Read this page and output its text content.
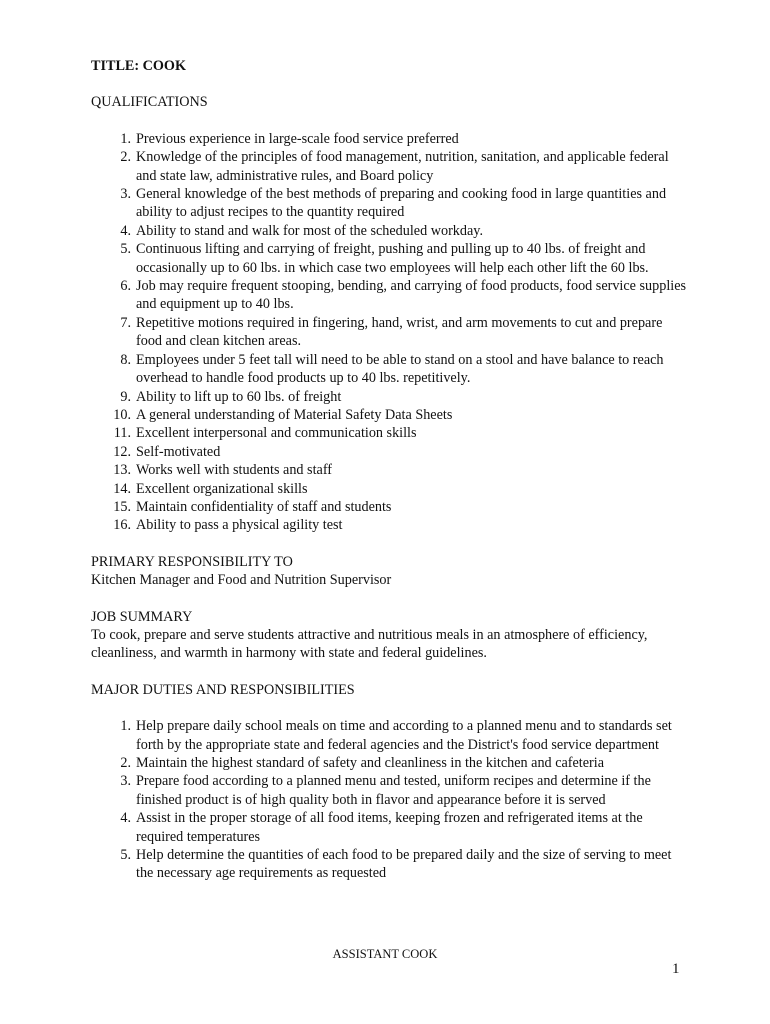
TITLE: COOK
QUALIFICATIONS
1. Previous experience in large-scale food service preferred
2. Knowledge of the principles of food management, nutrition, sanitation, and applicable federal and state law, administrative rules, and Board policy
3. General knowledge of the best methods of preparing and cooking food in large quantities and ability to adjust recipes to the quantity required
4. Ability to stand and walk for most of the scheduled workday.
5. Continuous lifting and carrying of freight, pushing and pulling up to 40 lbs. of freight and occasionally up to 60 lbs. in which case two employees will help each other lift the 60 lbs.
6. Job may require frequent stooping, bending, and carrying of food products, food service supplies and equipment up to 40 lbs.
7. Repetitive motions required in fingering, hand, wrist, and arm movements to cut and prepare food and clean kitchen areas.
8. Employees under 5 feet tall will need to be able to stand on a stool and have balance to reach overhead to handle food products up to 40 lbs. repetitively.
9. Ability to lift up to 60 lbs. of freight
10. A general understanding of Material Safety Data Sheets
11. Excellent interpersonal and communication skills
12. Self-motivated
13. Works well with students and staff
14. Excellent organizational skills
15. Maintain confidentiality of staff and students
16. Ability to pass a physical agility test
PRIMARY RESPONSIBILITY TO
Kitchen Manager and Food and Nutrition Supervisor
JOB SUMMARY
To cook, prepare and serve students attractive and nutritious meals in an atmosphere of efficiency, cleanliness, and warmth in harmony with state and federal guidelines.
MAJOR DUTIES AND RESPONSIBILITIES
1. Help prepare daily school meals on time and according to a planned menu and to standards set forth by the appropriate state and federal agencies and the District's food service department
2. Maintain the highest standard of safety and cleanliness in the kitchen and cafeteria
3. Prepare food according to a planned menu and tested, uniform recipes and determine if the finished product is of high quality both in flavor and appearance before it is served
4. Assist in the proper storage of all food items, keeping frozen and refrigerated items at the required temperatures
5. Help determine the quantities of each food to be prepared daily and the size of serving to meet the necessary age requirements as requested
ASSISTANT COOK
1
